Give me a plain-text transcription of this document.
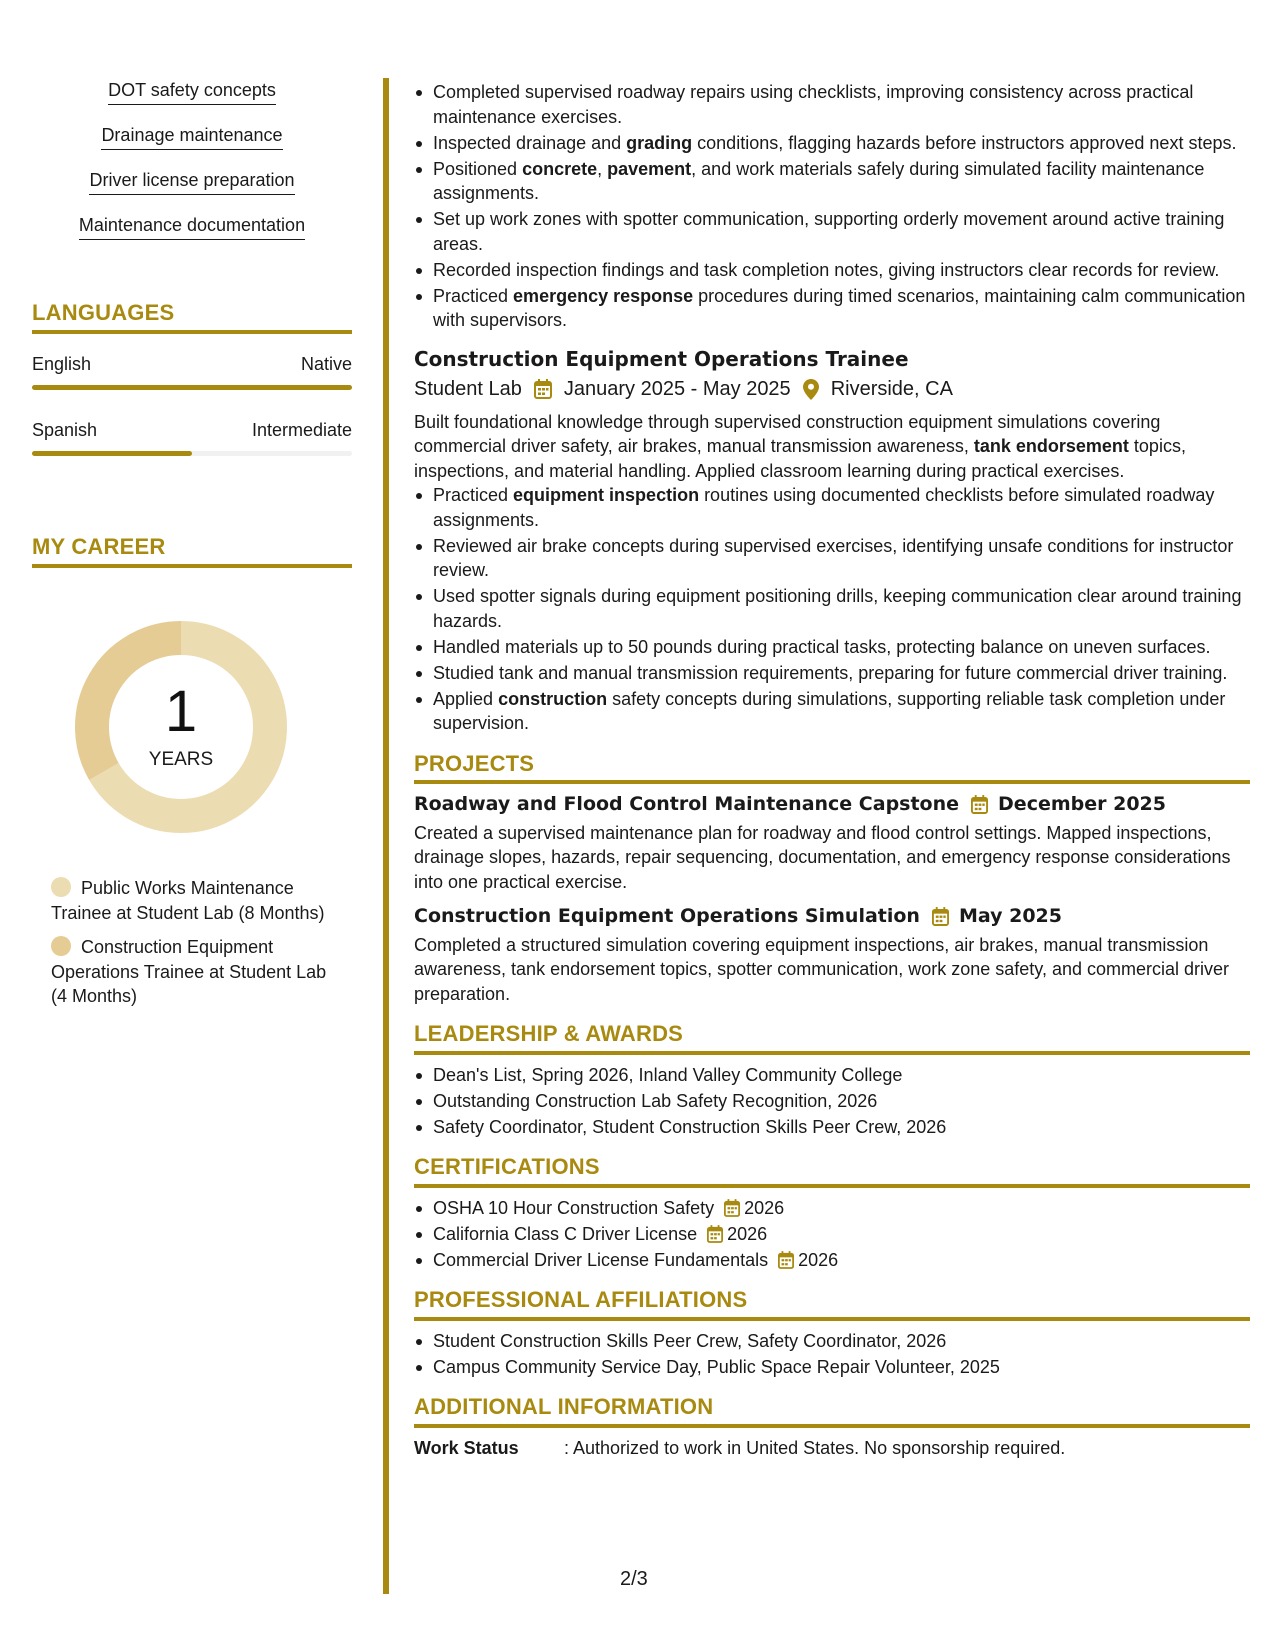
DOT safety concepts
Drainage maintenance
Driver license preparation
Maintenance documentation
LANGUAGES
English	Native
Spanish	Intermediate
MY CAREER
1
YEARS
Public Works Maintenance Trainee at Student Lab (8 Months)
Construction Equipment Operations Trainee at Student Lab (4 Months)
Completed supervised roadway repairs using checklists, improving consistency across practical maintenance exercises.
Inspected drainage and grading conditions, flagging hazards before instructors approved next steps.
Positioned concrete, pavement, and work materials safely during simulated facility maintenance assignments.
Set up work zones with spotter communication, supporting orderly movement around active training areas.
Recorded inspection findings and task completion notes, giving instructors clear records for review.
Practiced emergency response procedures during timed scenarios, maintaining calm communication with supervisors.
Construction Equipment Operations Trainee
Student Lab January 2025 - May 2025 Riverside, CA
Built foundational knowledge through supervised construction equipment simulations covering commercial driver safety, air brakes, manual transmission awareness, tank endorsement topics, inspections, and material handling. Applied classroom learning during practical exercises.
Practiced equipment inspection routines using documented checklists before simulated roadway assignments.
Reviewed air brake concepts during supervised exercises, identifying unsafe conditions for instructor review.
Used spotter signals during equipment positioning drills, keeping communication clear around training hazards.
Handled materials up to 50 pounds during practical tasks, protecting balance on uneven surfaces.
Studied tank and manual transmission requirements, preparing for future commercial driver training.
Applied construction safety concepts during simulations, supporting reliable task completion under supervision.
PROJECTS
Roadway and Flood Control Maintenance Capstone December 2025
Created a supervised maintenance plan for roadway and flood control settings. Mapped inspections, drainage slopes, hazards, repair sequencing, documentation, and emergency response considerations into one practical exercise.
Construction Equipment Operations Simulation May 2025
Completed a structured simulation covering equipment inspections, air brakes, manual transmission awareness, tank endorsement topics, spotter communication, work zone safety, and commercial driver preparation.
LEADERSHIP & AWARDS
Dean's List, Spring 2026, Inland Valley Community College
Outstanding Construction Lab Safety Recognition, 2026
Safety Coordinator, Student Construction Skills Peer Crew, 2026
CERTIFICATIONS
OSHA 10 Hour Construction Safety 2026
California Class C Driver License 2026
Commercial Driver License Fundamentals 2026
PROFESSIONAL AFFILIATIONS
Student Construction Skills Peer Crew, Safety Coordinator, 2026
Campus Community Service Day, Public Space Repair Volunteer, 2025
ADDITIONAL INFORMATION
Work Status	: Authorized to work in United States. No sponsorship required.
2/3
